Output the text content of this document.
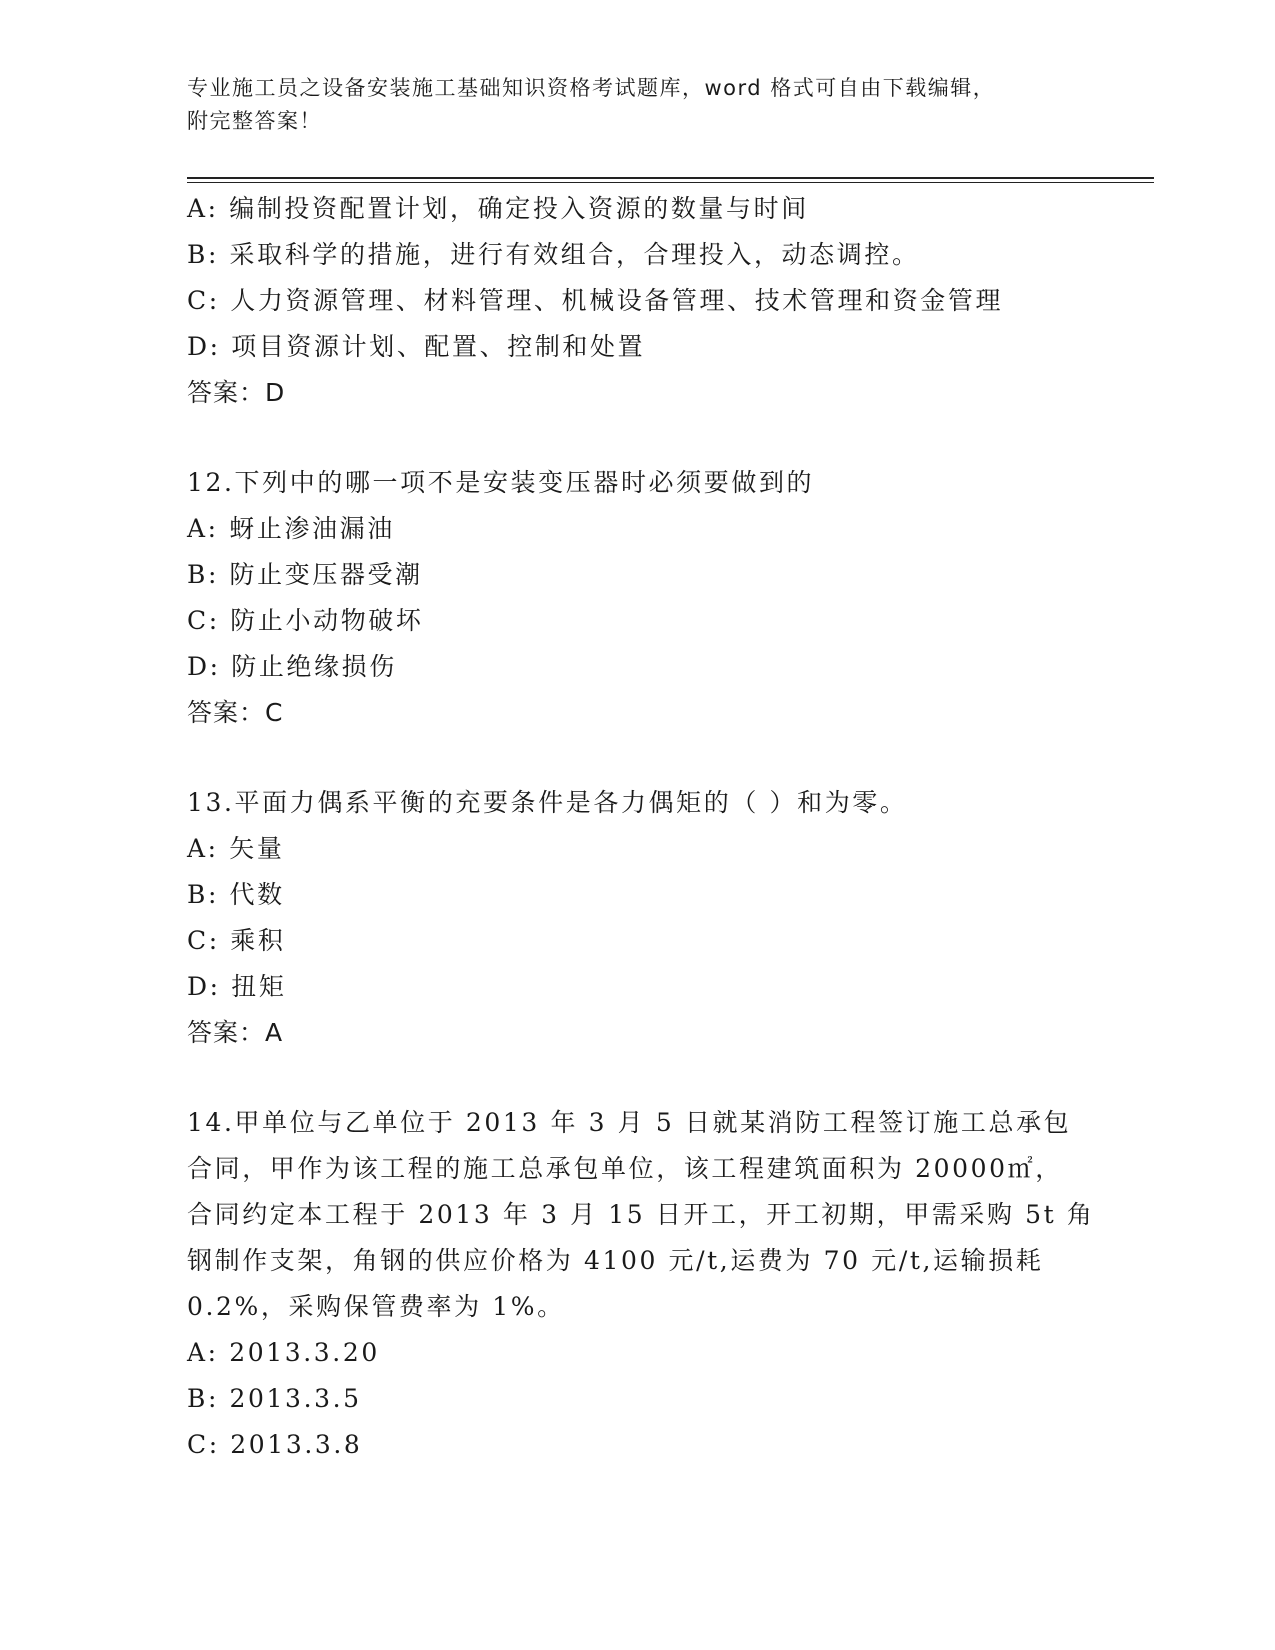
专业施工员之设备安装施工基础知识资格考试题库，word 格式可自由下载编辑，
附完整答案！
A: 编制投资配置计划，确定投入资源的数量与时间
B: 采取科学的措施，进行有效组合，合理投入，动态调控。
C: 人力资源管理、材料管理、机械设备管理、技术管理和资金管理
D: 项目资源计划、配置、控制和处置
答案：D
12.下列中的哪一项不是安装变压器时必须要做到的
A: 蚜止渗油漏油
B: 防止变压器受潮
C: 防止小动物破坏
D: 防止绝缘损伤
答案：C
13.平面力偶系平衡的充要条件是各力偶矩的（ ）和为零。
A: 矢量
B: 代数
C: 乘积
D: 扭矩
答案：A
14.甲单位与乙单位于 2013 年 3 月 5 日就某消防工程签订施工总承包
合同，甲作为该工程的施工总承包单位，该工程建筑面积为 20000㎡，
合同约定本工程于 2013 年 3 月 15 日开工，开工初期，甲需采购 5t 角
钢制作支架，角钢的供应价格为 4100 元/t,运费为 70 元/t,运输损耗
0.2%，采购保管费率为 1%。
A: 2013.3.20
B: 2013.3.5
C: 2013.3.8
